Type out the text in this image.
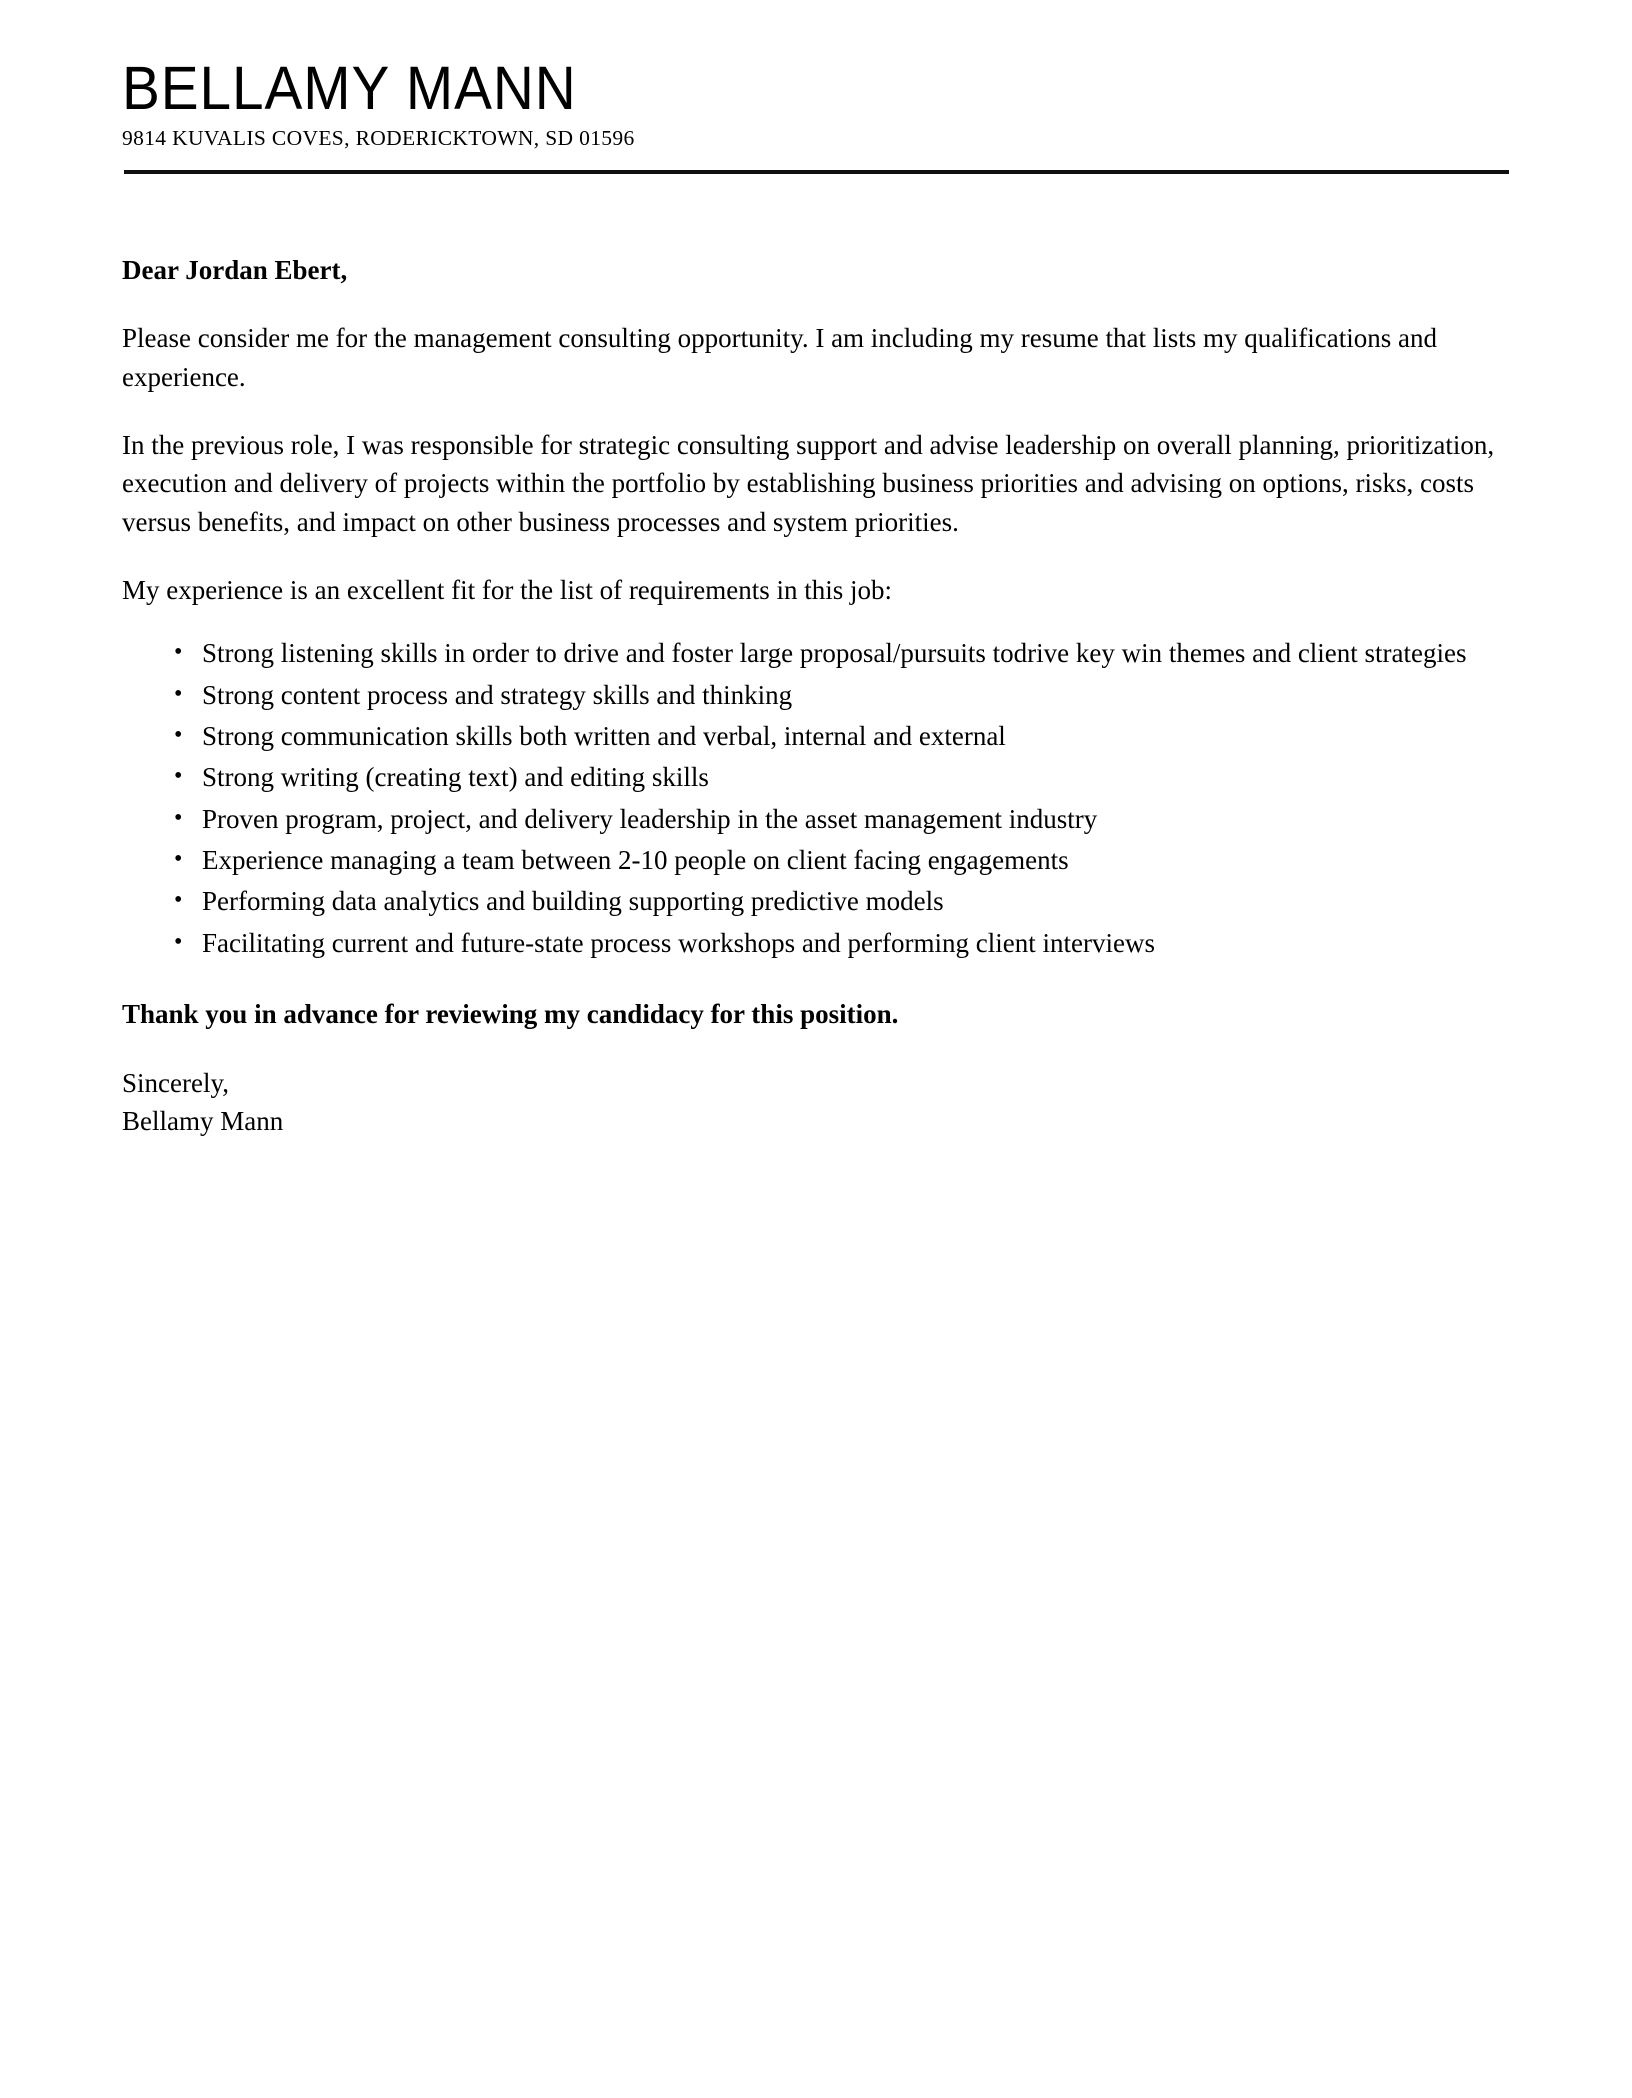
BELLAMY MANN
9814 KUVALIS COVES, RODERICKTOWN, SD 01596
Dear Jordan Ebert,

Please consider me for the management consulting opportunity. I am including my resume that lists my qualifications and experience.

In the previous role, I was responsible for strategic consulting support and advise leadership on overall planning, prioritization, execution and delivery of projects within the portfolio by establishing business priorities and advising on options, risks, costs versus benefits, and impact on other business processes and system priorities.

My experience is an excellent fit for the list of requirements in this job:

• Strong listening skills in order to drive and foster large proposal/pursuits todrive key win themes and client strategies
• Strong content process and strategy skills and thinking
• Strong communication skills both written and verbal, internal and external
• Strong writing (creating text) and editing skills
• Proven program, project, and delivery leadership in the asset management industry
• Experience managing a team between 2-10 people on client facing engagements
• Performing data analytics and building supporting predictive models
• Facilitating current and future-state process workshops and performing client interviews
Thank you in advance for reviewing my candidacy for this position.
Sincerely,
Bellamy Mann
